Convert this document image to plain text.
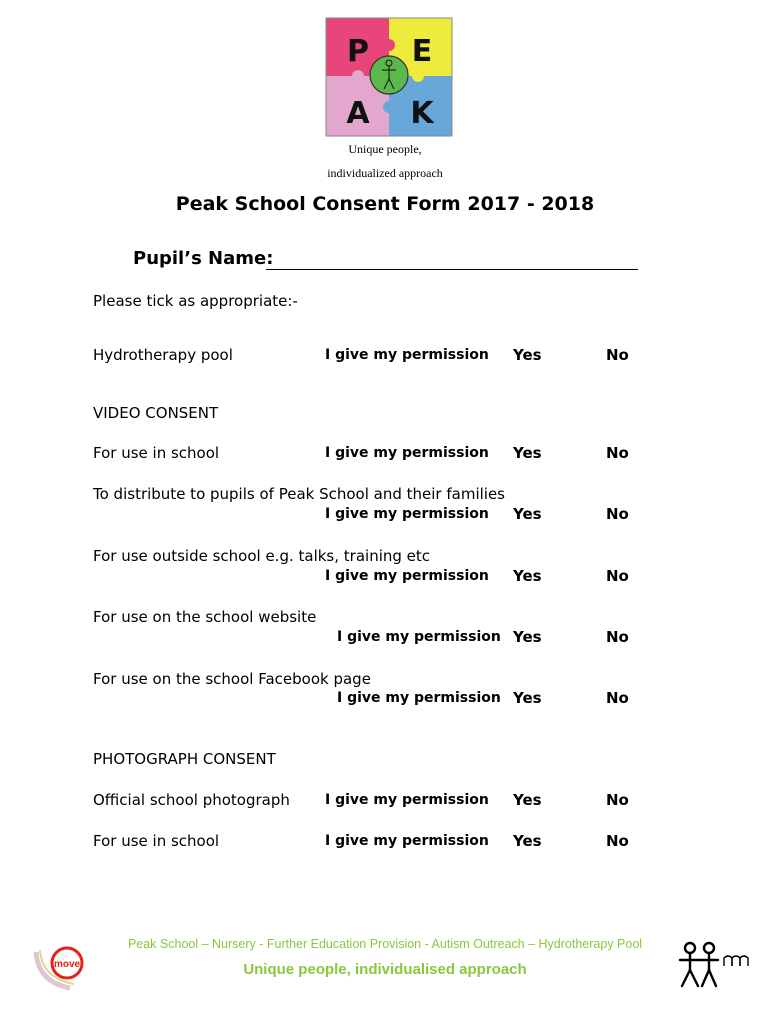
P E
A K
Unique people,
individualized approach
Peak School Consent Form 2017 - 2018
Pupil’s Name:
Please tick as appropriate:-
Hydrotherapy pool	I give my permission Yes	No
VIDEO CONSENT
For use in school	I give my permission Yes	No
To distribute to pupils of Peak School and their families
I give my permission Yes	No
For use outside school e.g. talks, training etc
I give my permission Yes	No
For use on the school website
I give my permission Yes	No
For use on the school Facebook page
I give my permission Yes	No
PHOTOGRAPH CONSENT
Official school photograph	I give my permission Yes	No
For use in school	I give my permission Yes	No
move
Peak School – Nursery - Further Education Provision - Autism Outreach – Hydrotherapy Pool
Unique people, individualised approach
